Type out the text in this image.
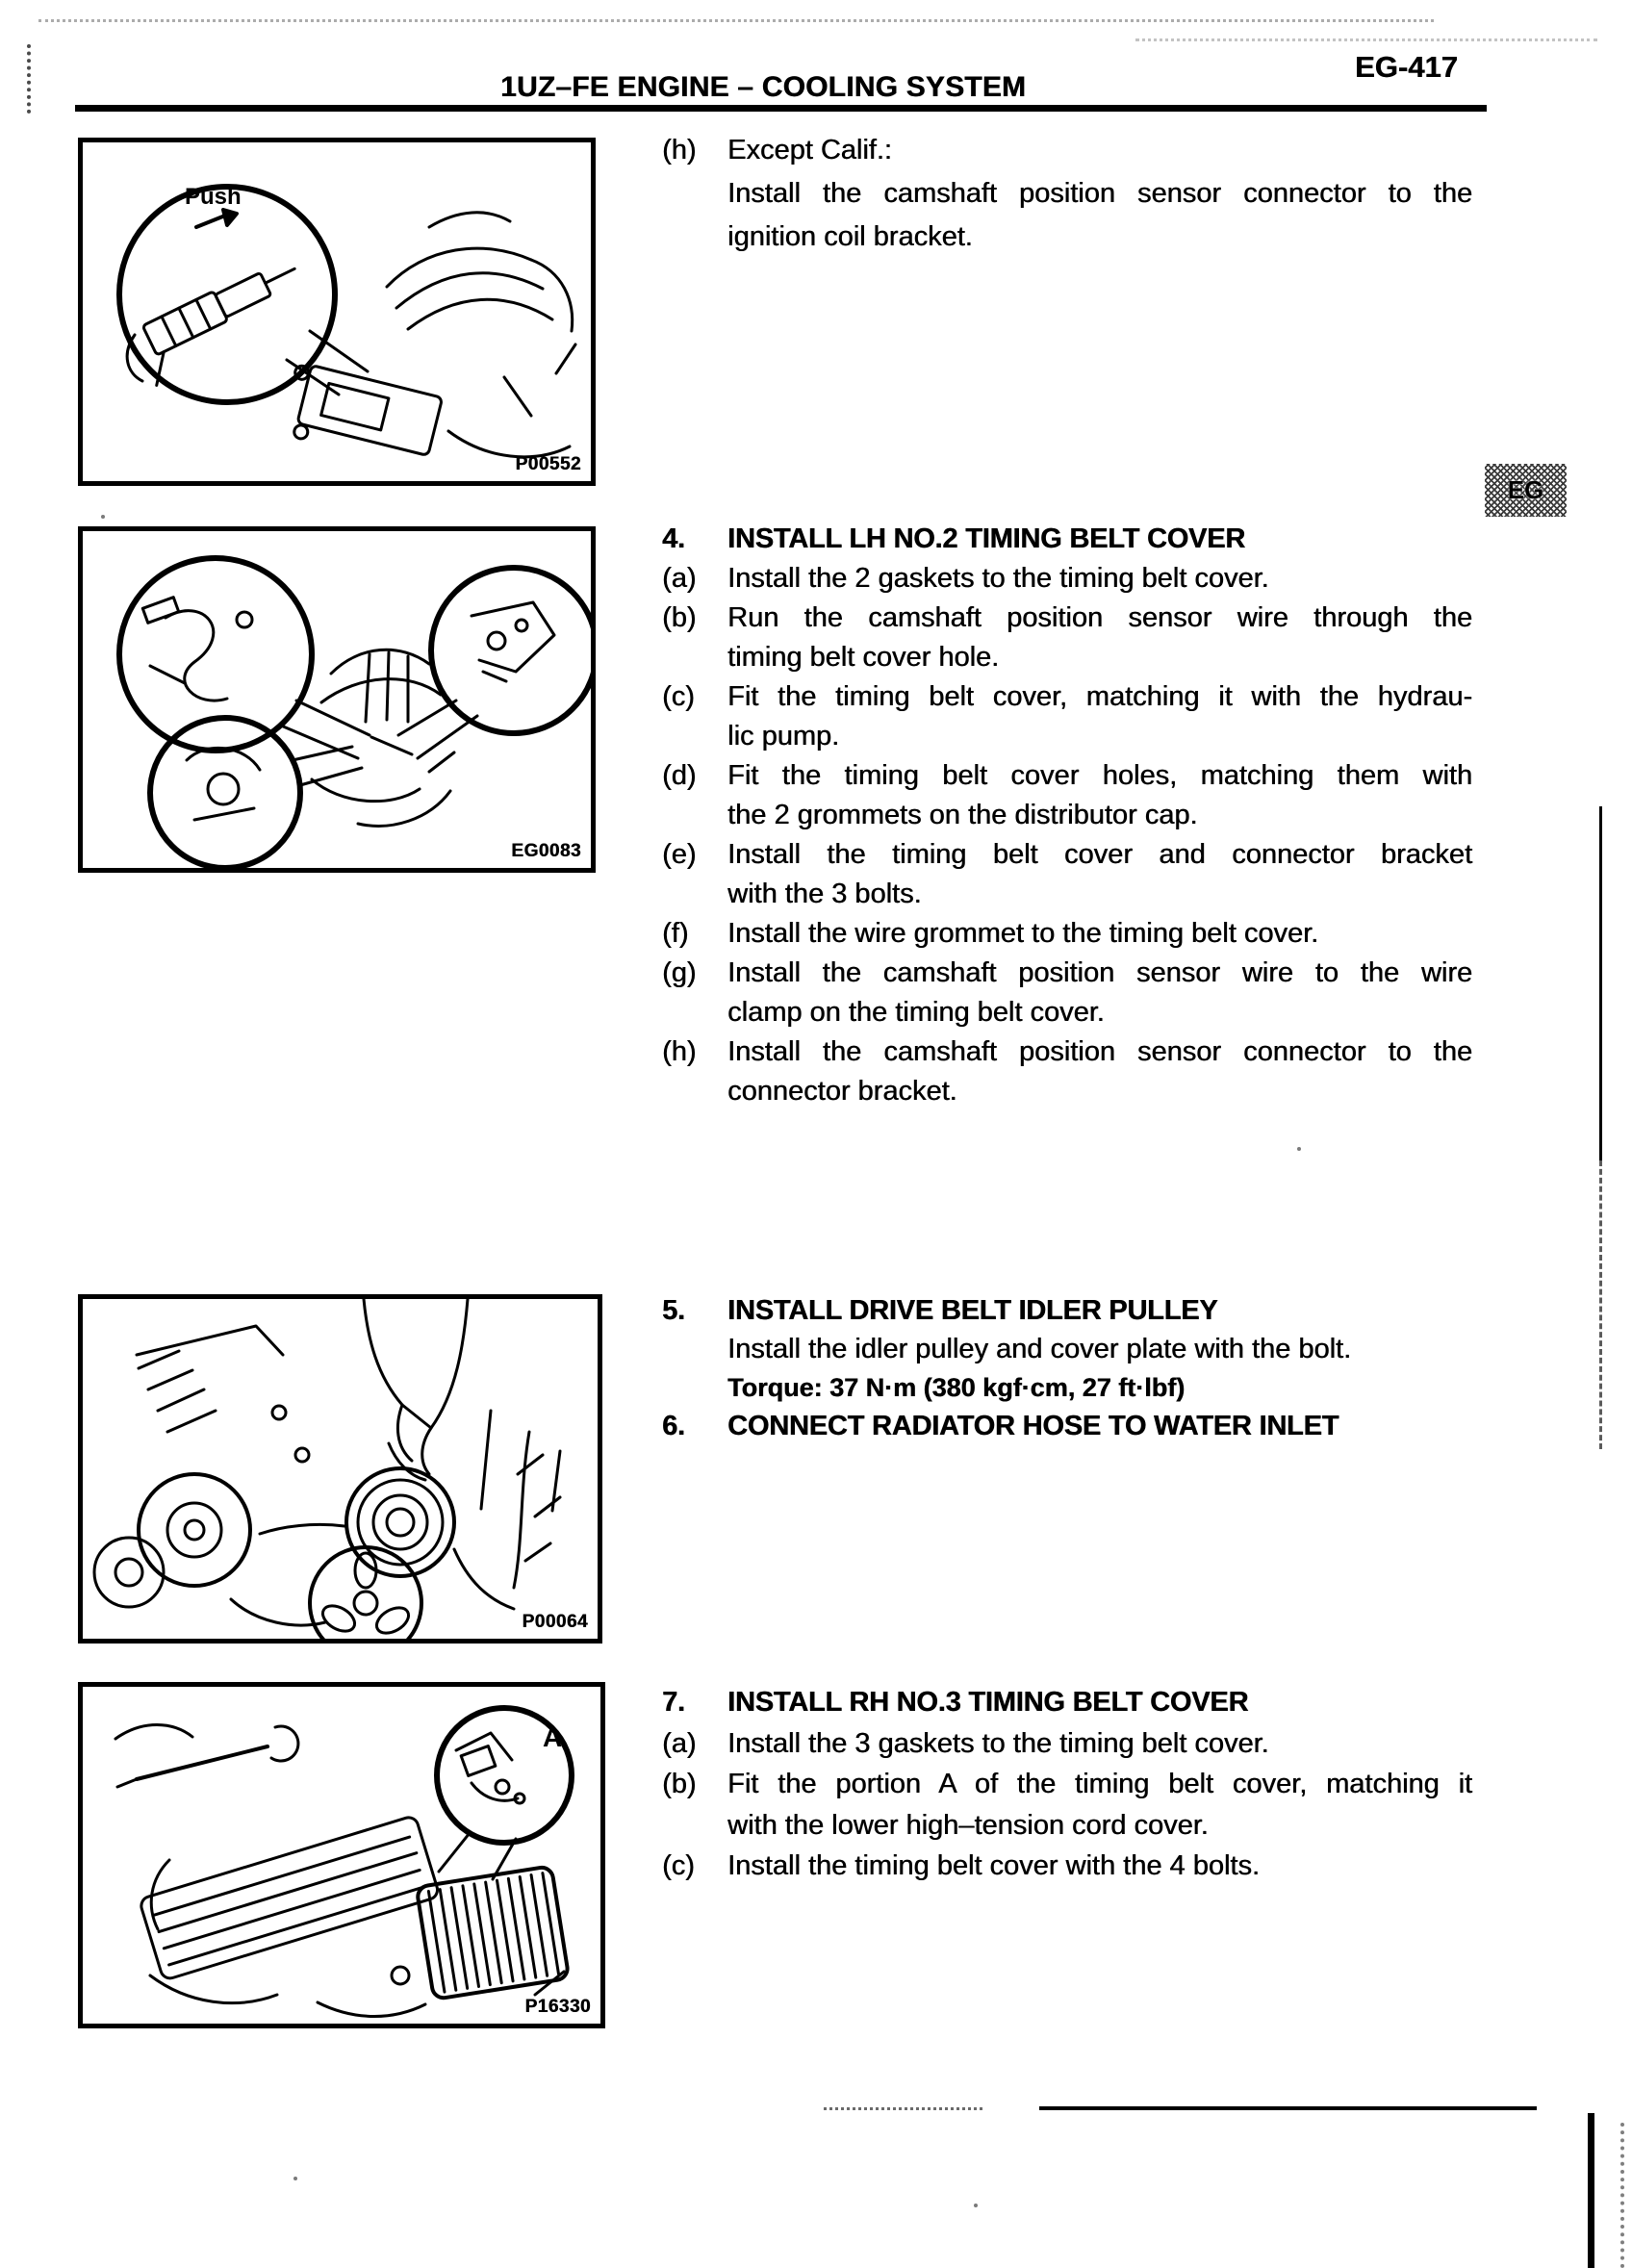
1UZ–FE ENGINE – COOLING SYSTEM
EG-417
EG
Push
P00552
EG0083
P00064
A
P16330
(h)	Except Calif.:
Install the camshaft position sensor connector to the
ignition coil bracket.
4.	INSTALL LH NO.2 TIMING BELT COVER
(a)	Install the 2 gaskets to the timing belt cover.
(b)	Run the camshaft position sensor wire through the
timing belt cover hole.
(c)	Fit the timing belt cover, matching it with the hydrau-
lic pump.
(d)	Fit the timing belt cover holes, matching them with
the 2 grommets on the distributor cap.
(e)	Install the timing belt cover and connector bracket
with the 3 bolts.
(f)	Install the wire grommet to the timing belt cover.
(g)	Install the camshaft position sensor wire to the wire
clamp on the timing belt cover.
(h)	Install the camshaft position sensor connector to the
connector bracket.
5.	INSTALL DRIVE BELT IDLER PULLEY
Install the idler pulley and cover plate with the bolt.
Torque: 37 N·m (380 kgf·cm, 27 ft·lbf)
6.	CONNECT RADIATOR HOSE TO WATER INLET
7.	INSTALL RH NO.3 TIMING BELT COVER
(a)	Install the 3 gaskets to the timing belt cover.
(b)	Fit the portion A of the timing belt cover, matching it
with the lower high–tension cord cover.
(c)	Install the timing belt cover with the 4 bolts.
